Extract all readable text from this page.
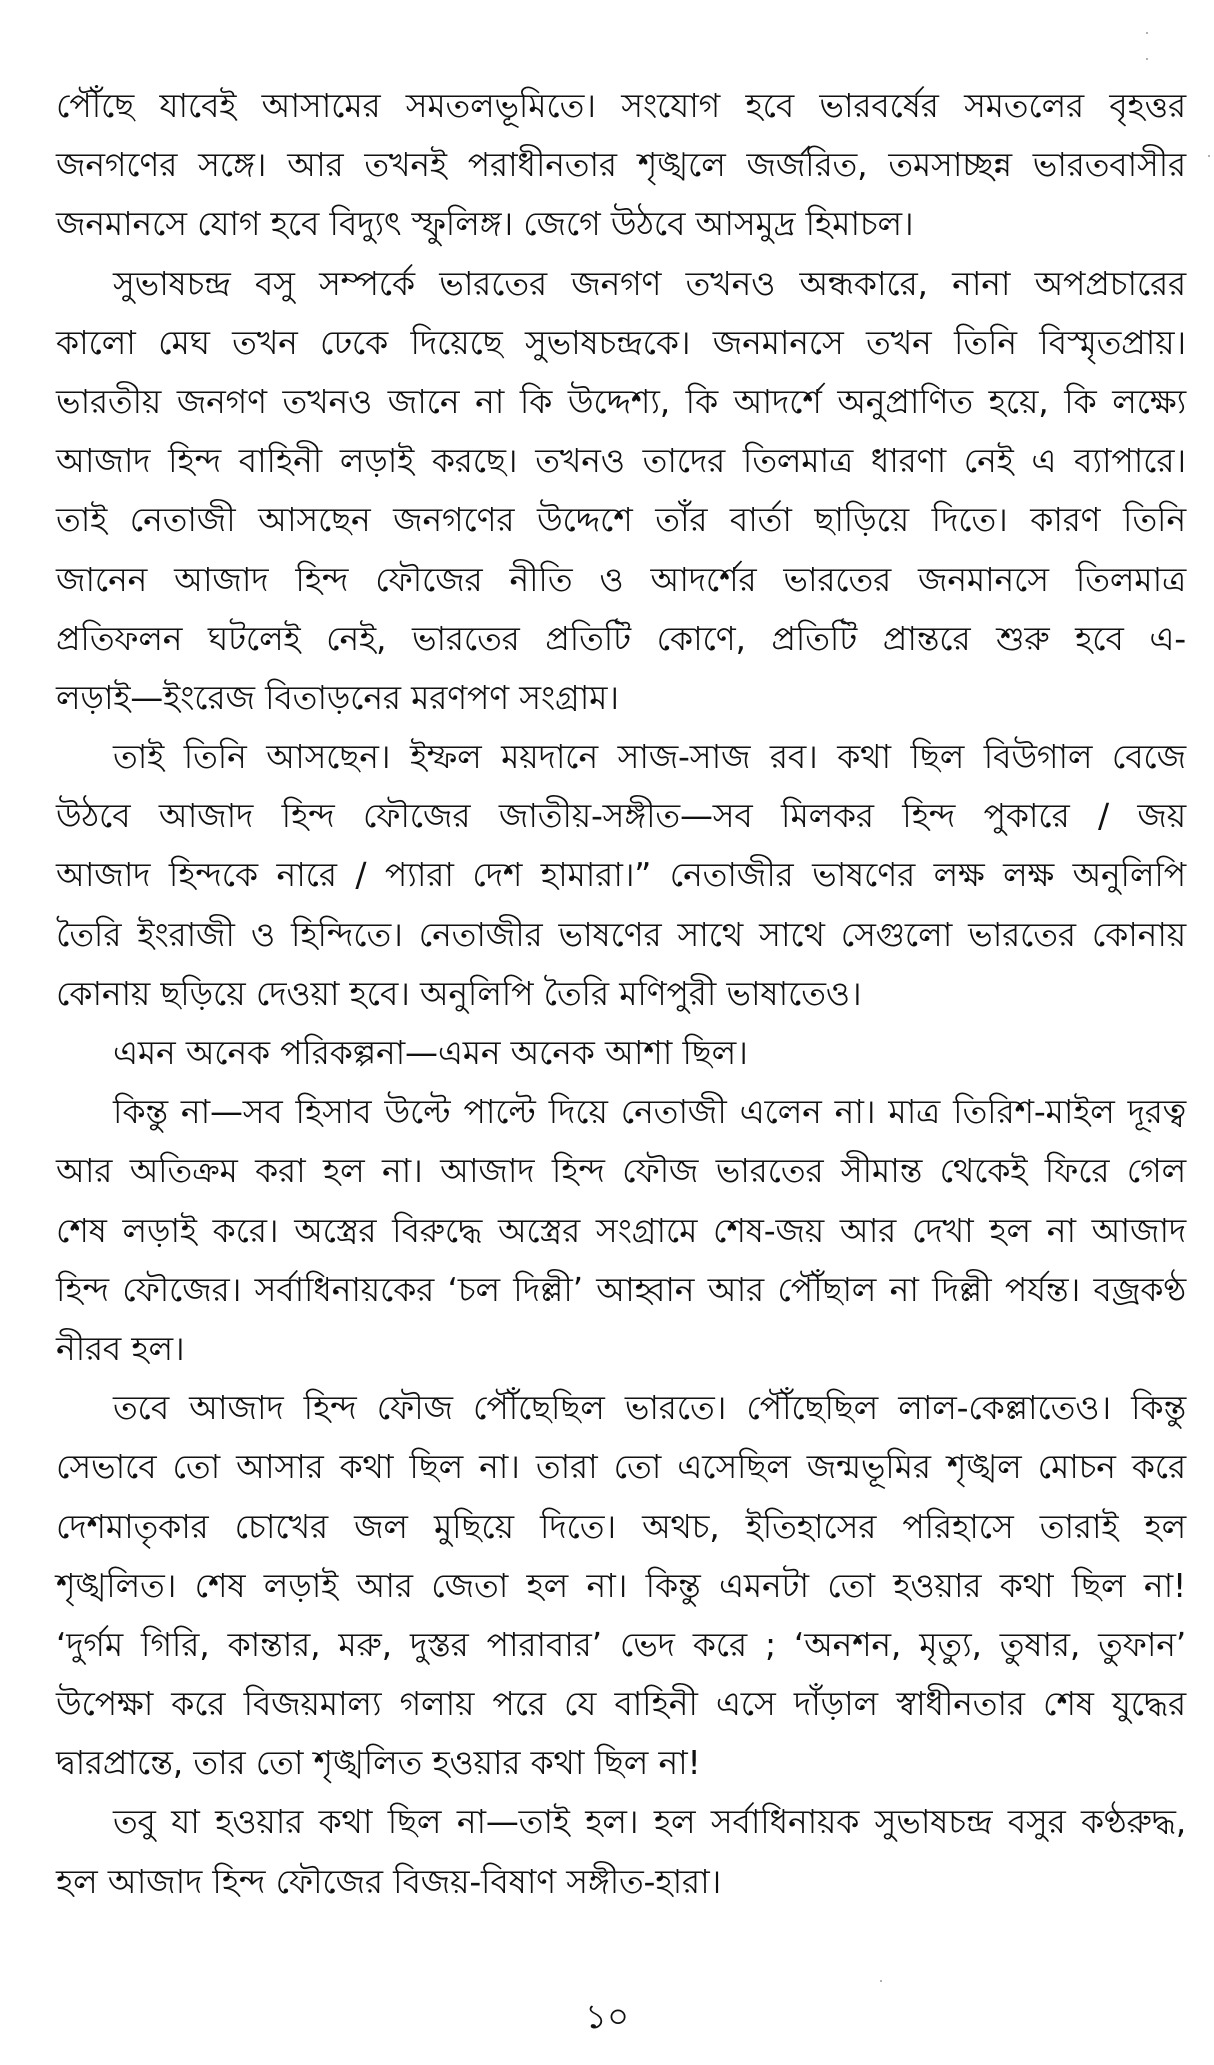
পৌঁছে যাবেই আসামের সমতলভূমিতে। সংযোগ হবে ভারবর্ষের সমতলের বৃহত্তর
জনগণের সঙ্গে। আর তখনই পরাধীনতার শৃঙ্খলে জর্জরিত, তমসাচ্ছন্ন ভারতবাসীর
জনমানসে যোগ হবে বিদ্যুৎ স্ফুলিঙ্গ। জেগে উঠবে আসমুদ্র হিমাচল।
সুভাষচন্দ্র বসু সম্পর্কে ভারতের জনগণ তখনও অন্ধকারে, নানা অপপ্রচারের
কালো মেঘ তখন ঢেকে দিয়েছে সুভাষচন্দ্রকে। জনমানসে তখন তিনি বিস্মৃতপ্রায়।
ভারতীয় জনগণ তখনও জানে না কি উদ্দেশ্য, কি আদর্শে অনুপ্রাণিত হয়ে, কি লক্ষ্যে
আজাদ হিন্দ বাহিনী লড়াই করছে। তখনও তাদের তিলমাত্র ধারণা নেই এ ব্যাপারে।
তাই নেতাজী আসছেন জনগণের উদ্দেশে তাঁর বার্তা ছাড়িয়ে দিতে। কারণ তিনি
জানেন আজাদ হিন্দ ফৌজের নীতি ও আদর্শের ভারতের জনমানসে তিলমাত্র
প্রতিফলন ঘটলেই নেই, ভারতের প্রতিটি কোণে, প্রতিটি প্রান্তরে শুরু হবে এ-
লড়াই—ইংরেজ বিতাড়নের মরণপণ সংগ্রাম।
তাই তিনি আসছেন। ইম্ফল ময়দানে সাজ-সাজ রব। কথা ছিল বিউগাল বেজে
উঠবে আজাদ হিন্দ ফৌজের জাতীয়-সঙ্গীত—সব মিলকর হিন্দ পুকারে / জয়
আজাদ হিন্দকে নারে / প্যারা দেশ হামারা।” নেতাজীর ভাষণের লক্ষ লক্ষ অনুলিপি
তৈরি ইংরাজী ও হিন্দিতে। নেতাজীর ভাষণের সাথে সাথে সেগুলো ভারতের কোনায়
কোনায় ছড়িয়ে দেওয়া হবে। অনুলিপি তৈরি মণিপুরী ভাষাতেও।
এমন অনেক পরিকল্পনা—এমন অনেক আশা ছিল।
কিন্তু না—সব হিসাব উল্টে পাল্টে দিয়ে নেতাজী এলেন না। মাত্র তিরিশ-মাইল দূরত্ব
আর অতিক্রম করা হল না। আজাদ হিন্দ ফৌজ ভারতের সীমান্ত থেকেই ফিরে গেল
শেষ লড়াই করে। অস্ত্রের বিরুদ্ধে অস্ত্রের সংগ্রামে শেষ-জয় আর দেখা হল না আজাদ
হিন্দ ফৌজের। সর্বাধিনায়কের ‘চল দিল্লী’ আহ্বান আর পৌঁছাল না দিল্লী পর্যন্ত। বজ্রকণ্ঠ
নীরব হল।
তবে আজাদ হিন্দ ফৌজ পৌঁছেছিল ভারতে। পৌঁছেছিল লাল-কেল্লাতেও। কিন্তু
সেভাবে তো আসার কথা ছিল না। তারা তো এসেছিল জন্মভূমির শৃঙ্খল মোচন করে
দেশমাতৃকার চোখের জল মুছিয়ে দিতে। অথচ, ইতিহাসের পরিহাসে তারাই হল
শৃঙ্খলিত। শেষ লড়াই আর জেতা হল না। কিন্তু এমনটা তো হওয়ার কথা ছিল না!
‘দুর্গম গিরি, কান্তার, মরু, দুস্তর পারাবার’ ভেদ করে ; ‘অনশন, মৃত্যু, তুষার, তুফান’
উপেক্ষা করে বিজয়মাল্য গলায় পরে যে বাহিনী এসে দাঁড়াল স্বাধীনতার শেষ যুদ্ধের
দ্বারপ্রান্তে, তার তো শৃঙ্খলিত হওয়ার কথা ছিল না!
তবু যা হওয়ার কথা ছিল না—তাই হল। হল সর্বাধিনায়ক সুভাষচন্দ্র বসুর কণ্ঠরুদ্ধ,
হল আজাদ হিন্দ ফৌজের বিজয়-বিষাণ সঙ্গীত-হারা।
১০
